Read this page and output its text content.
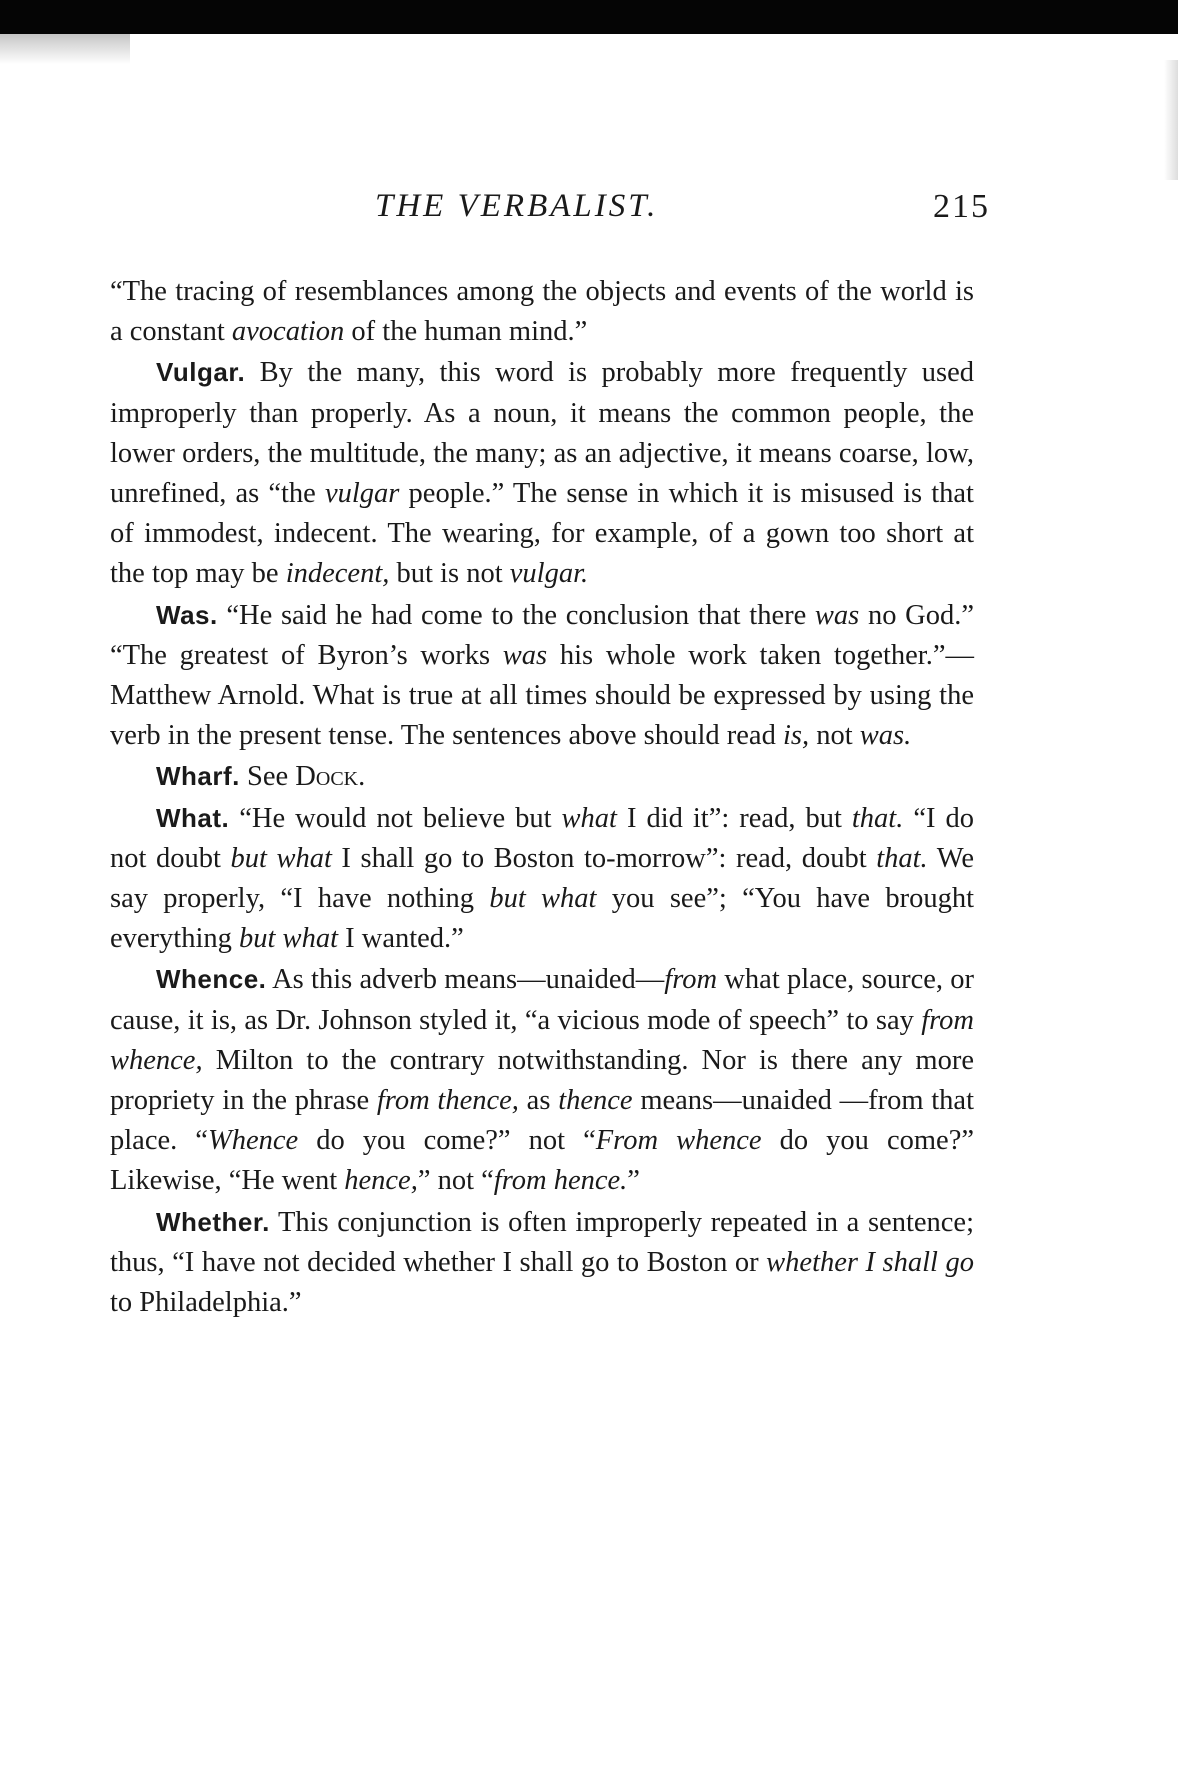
THE VERBALIST.	215

“The tracing of resemblances among the objects and events of the world is a constant avocation of the human mind.”

Vulgar. By the many, this word is probably more frequently used improperly than properly. As a noun, it means the common people, the lower orders, the multitude, the many; as an adjective, it means coarse, low, unrefined, as “the vulgar people.” The sense in which it is misused is that of immodest, indecent. The wearing, for example, of a gown too short at the top may be indecent, but is not vulgar.

Was. “He said he had come to the conclusion that there was no God.” “The greatest of Byron’s works was his whole work taken together.”—Matthew Arnold. What is true at all times should be expressed by using the verb in the present tense. The sentences above should read is, not was.

Wharf. See Dock.

What. “He would not believe but what I did it”: read, but that. “I do not doubt but what I shall go to Boston to-morrow”: read, doubt that. We say properly, “I have nothing but what you see”; “You have brought everything but what I wanted.”

Whence. As this adverb means—unaided—from what place, source, or cause, it is, as Dr. Johnson styled it, “a vicious mode of speech” to say from whence, Milton to the contrary notwithstanding. Nor is there any more propriety in the phrase from thence, as thence means—unaided —from that place. “Whence do you come?” not “From whence do you come?” Likewise, “He went hence,” not “from hence.”

Whether. This conjunction is often improperly repeated in a sentence; thus, “I have not decided whether I shall go to Boston or whether I shall go to Philadelphia.”
